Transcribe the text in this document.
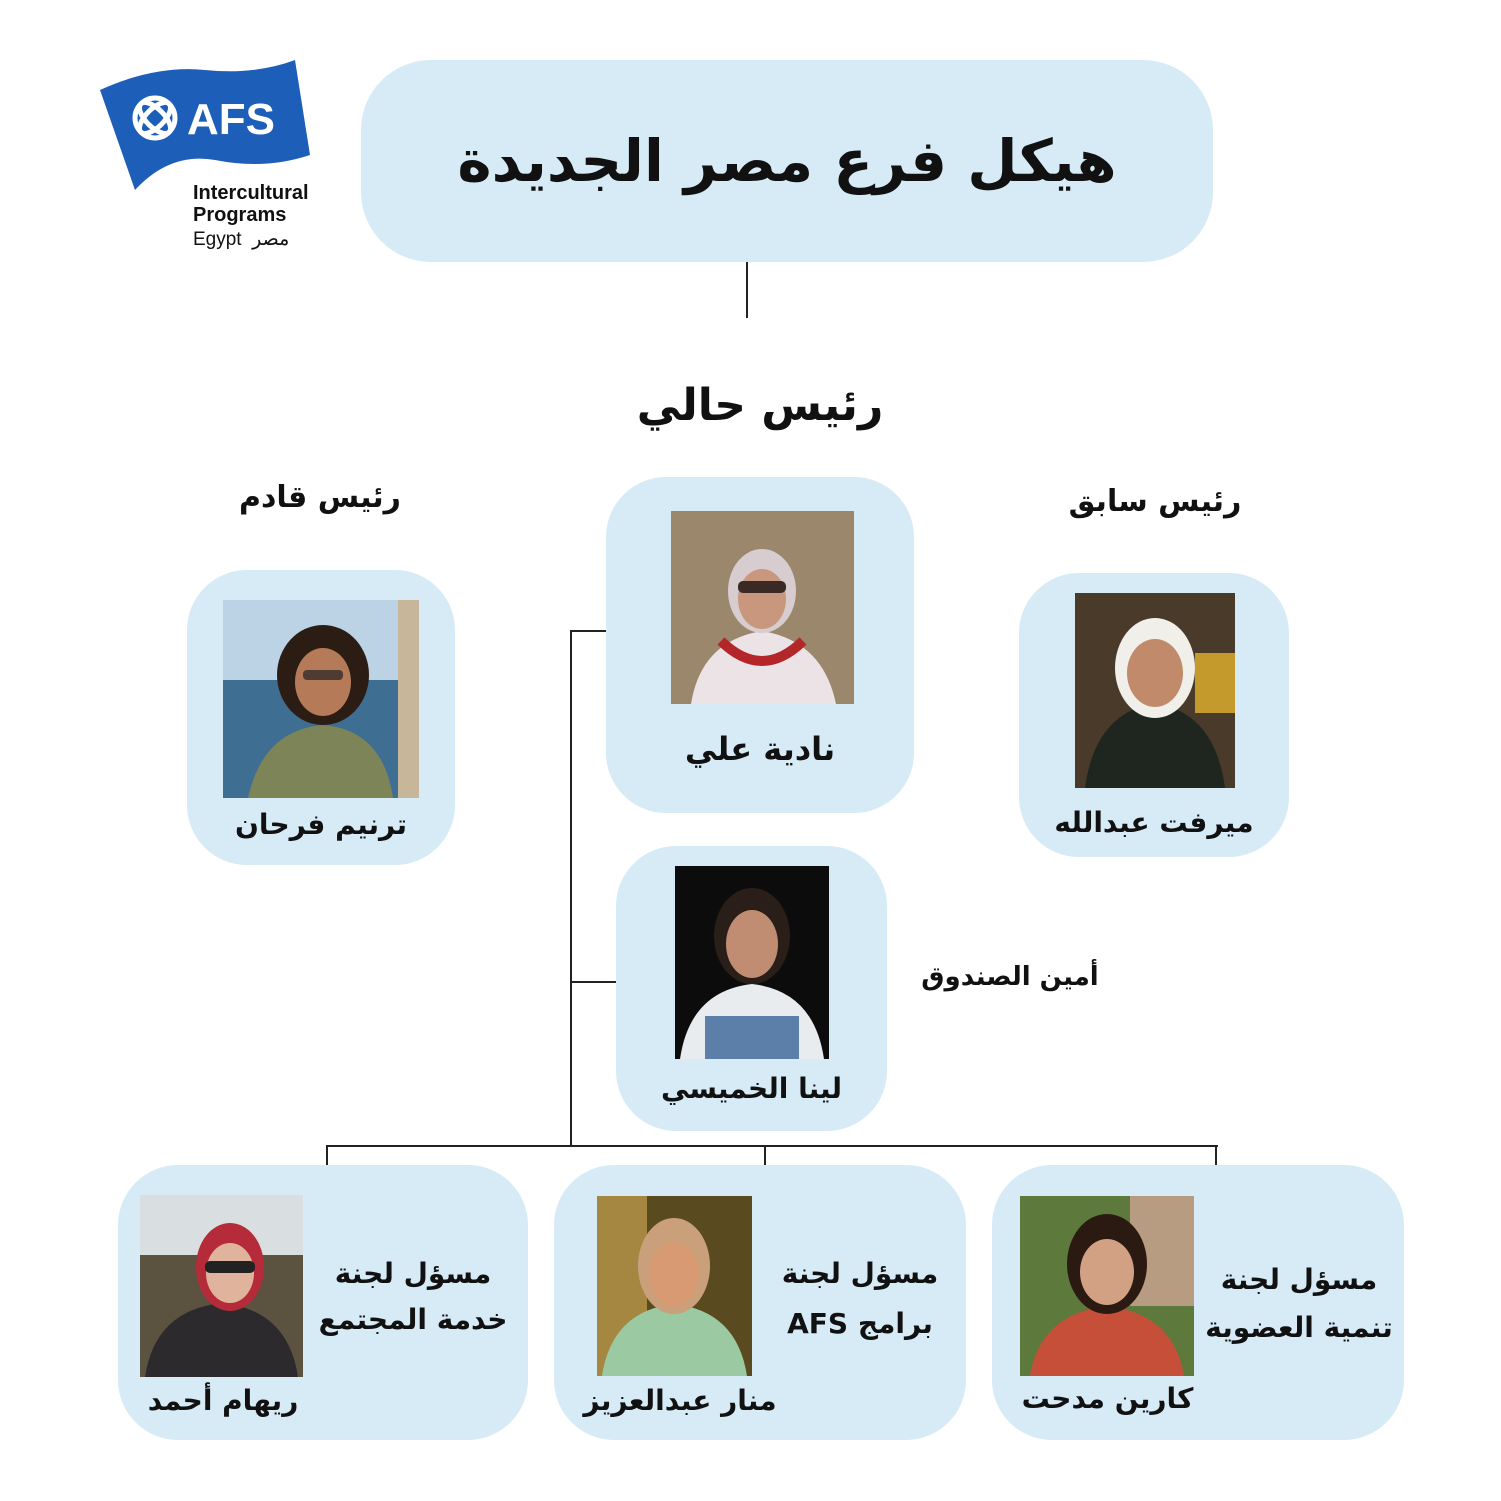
AFS
Intercultural
Programs
Egypt مصر
هيكل فرع مصر الجديدة
رئيس حالي
رئيس قادم	رئيس سابق
أمين الصندوق
نادية علي
ترنيم فرحان	ميرفت عبدالله
لينا الخميسي
مسؤل لجنة
خدمة المجتمع
ريهام أحمد
مسؤل لجنة
برامج AFS
منار عبدالعزيز
مسؤل لجنة
تنمية العضوية
كارين مدحت
